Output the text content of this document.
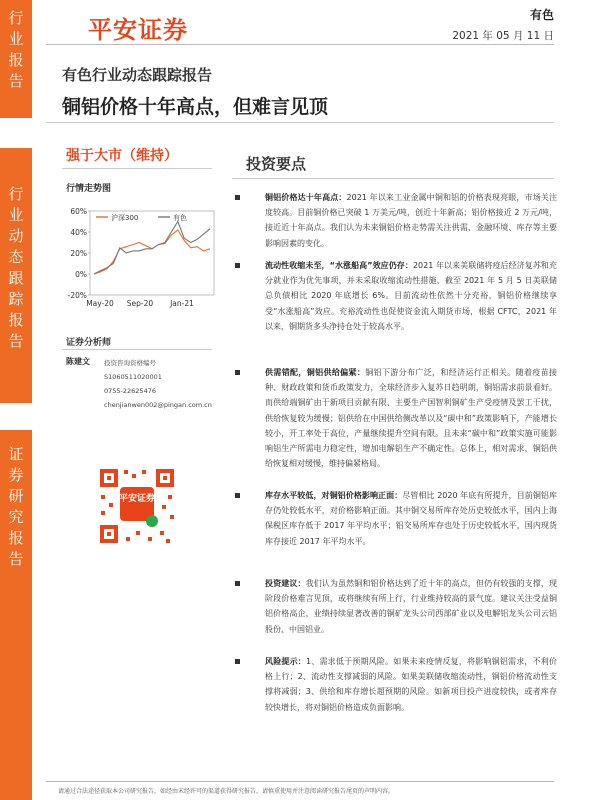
行业报告
行业动态跟踪报告
证券研究报告
平安证券
有色
2021 年 05 月 11 日
有色行业动态跟踪报告
铜铝价格十年高点，但难言见顶
强于大市（维持）
行情走势图
60%
40%
20%
0%
-20%
May-20 Sep-20 Jan-21
沪深300	有色
证券分析师
陈建文 投资咨询资格编号
S1060511020001
0755-22625476
chenjianwen002@pingan.com.cn
平安证券
投资要点
铜铝价格达十年高点：2021 年以来工业金属中铜和铝的价格表现亮眼，市场关注度较高。目前铜价格已突破 1 万美元/吨，创近十年新高；铝价格接近 2 万元/吨，接近近十年高点。我们认为未来铜铝价格走势需关注供需、金融环境、库存等主要影响因素的变化。
流动性收缩未至，“水涨船高”效应仍存：2021 年以来美联储将疫后经济复苏和充分就业作为优先事项，并未采取收缩流动性措施，截至 2021 年 5 月 5 日美联储总负债相比 2020 年底增长 6%。目前流动性依然十分充裕，铜铝价格继续享受“水涨船高”效应。充裕流动性也促使资金流入期货市场，根据 CFTC，2021 年以来，铜期货多头净持仓处于较高水平。
供需错配，铜铝供给偏紧：铜铝下游分布广泛，和经济运行正相关。随着疫苗接种、财政政策和货币政策发力，全球经济步入复苏日趋明朗，铜铝需求前景看好。而供给端铜矿由于新项目贡献有限、主要生产国智利铜矿生产受疫情及罢工干扰，供给恢复较为缓慢；铝供给在中国供给侧改革以及“碳中和”政策影响下，产能增长较小，开工率处于高位，产量继续提升空间有限。且未来“碳中和”政策实施可能影响铝生产所需电力稳定性，增加电解铝生产不确定性。总体上，相对需求，铜铝供给恢复相对缓慢，维持偏紧格局。
库存水平较低，对铜铝价格影响正面：尽管相比 2020 年底有所提升，目前铜铝库存仍处较低水平，对价格影响正面。其中铜交易所库存处历史较低水平，国内上海保税区库存低于 2017 年平均水平；铝交易所库存也处于历史较低水平，国内现货库存接近 2017 年平均水平。
投资建议：我们认为虽然铜和铝价格达到了近十年的高点，但仍有较强的支撑，现阶段价格难言见顶，或将继续有所上行，行业维持较高的景气度。建议关注受益铜铝价格高企，业绩持续显著改善的铜矿龙头公司西部矿业以及电解铝龙头公司云铝股份、中国铝业。
风险提示：1、需求低于预期风险。如果未来疫情反复，将影响铜铝需求，不利价格上行；2、流动性支撑减弱的风险。如果美联储收缩流动性，铜铝价格流动性支撑将减弱；3、供给和库存增长超预期的风险。如新项目投产进度较快，或者库存较快增长，将对铜铝价格造成负面影响。
请通过合法途径获取本公司研究报告，如经由未经许可的渠道获得研究报告，请慎重使用并注意阅读研究报告尾页的声明内容。
